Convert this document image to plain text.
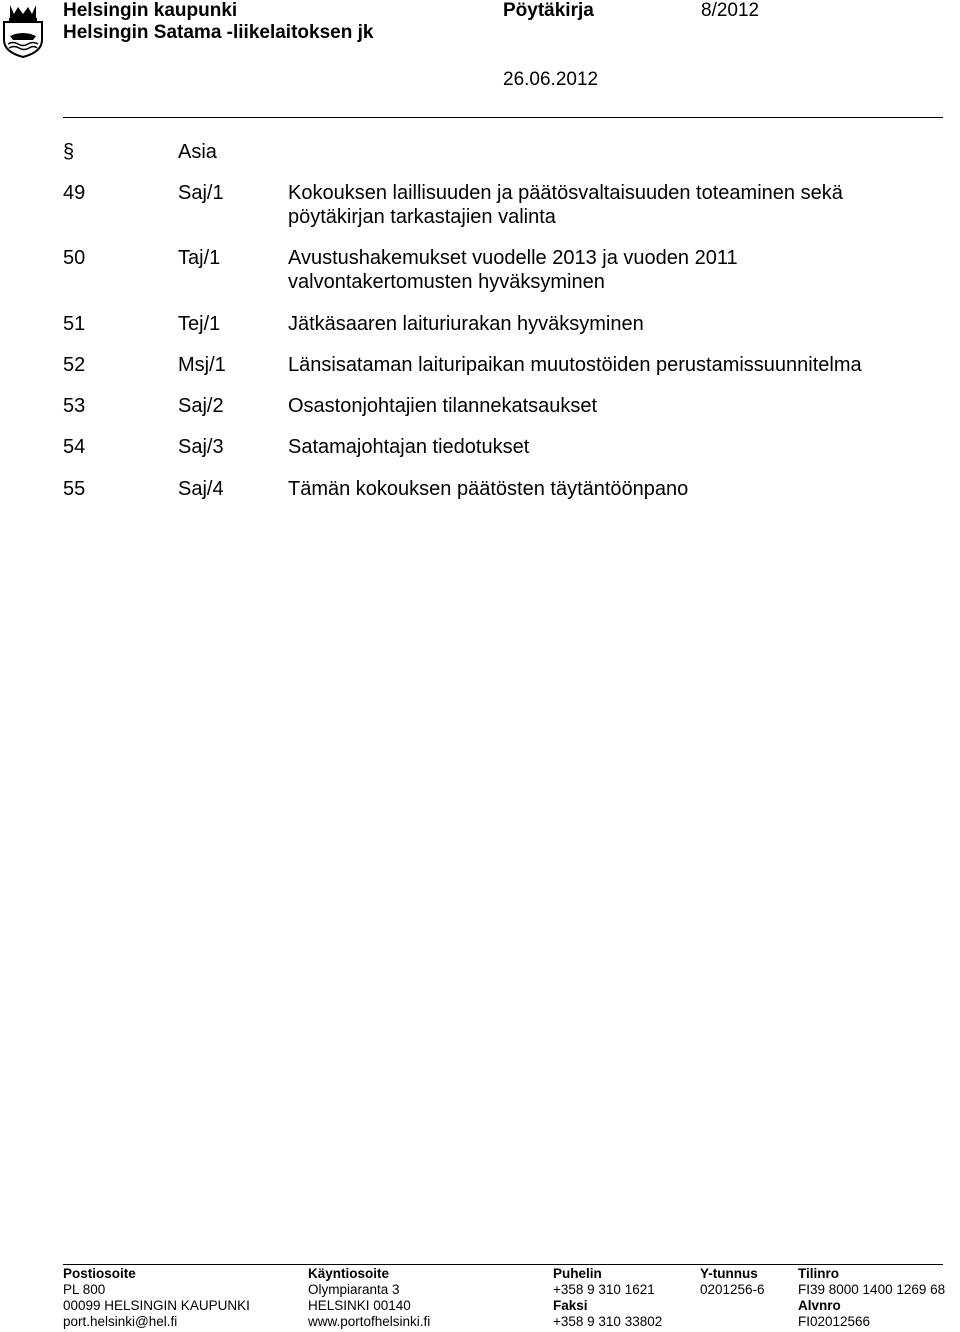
Helsingin kaupunki
Helsingin Satama -liikelaitoksen jk
Pöytäkirja	8/2012
26.06.2012
§	Asia
49	Saj/1	Kokouksen laillisuuden ja päätösvaltaisuuden toteaminen sekä pöytäkirjan tarkastajien valinta
50	Taj/1	Avustushakemukset vuodelle 2013 ja vuoden 2011 valvontakertomusten hyväksyminen
51	Tej/1	Jätkäsaaren laituriurakan hyväksyminen
52	Msj/1	Länsisataman laituripaikan muutostöiden perustamissuunnitelma
53	Saj/2	Osastonjohtajien tilannekatsaukset
54	Saj/3	Satamajohtajan tiedotukset
55	Saj/4	Tämän kokouksen päätösten täytäntöönpano
Postiosoite
PL 800
00099 HELSINGIN KAUPUNKI
port.helsinki@hel.fi
Käyntiosoite
Olympiaranta 3
HELSINKI 00140
www.portofhelsinki.fi
Puhelin
+358 9 310 1621
Faksi
+358 9 310 33802
Y-tunnus
0201256-6
Tilinro
FI39 8000 1400 1269 68
Alvnro
FI02012566
